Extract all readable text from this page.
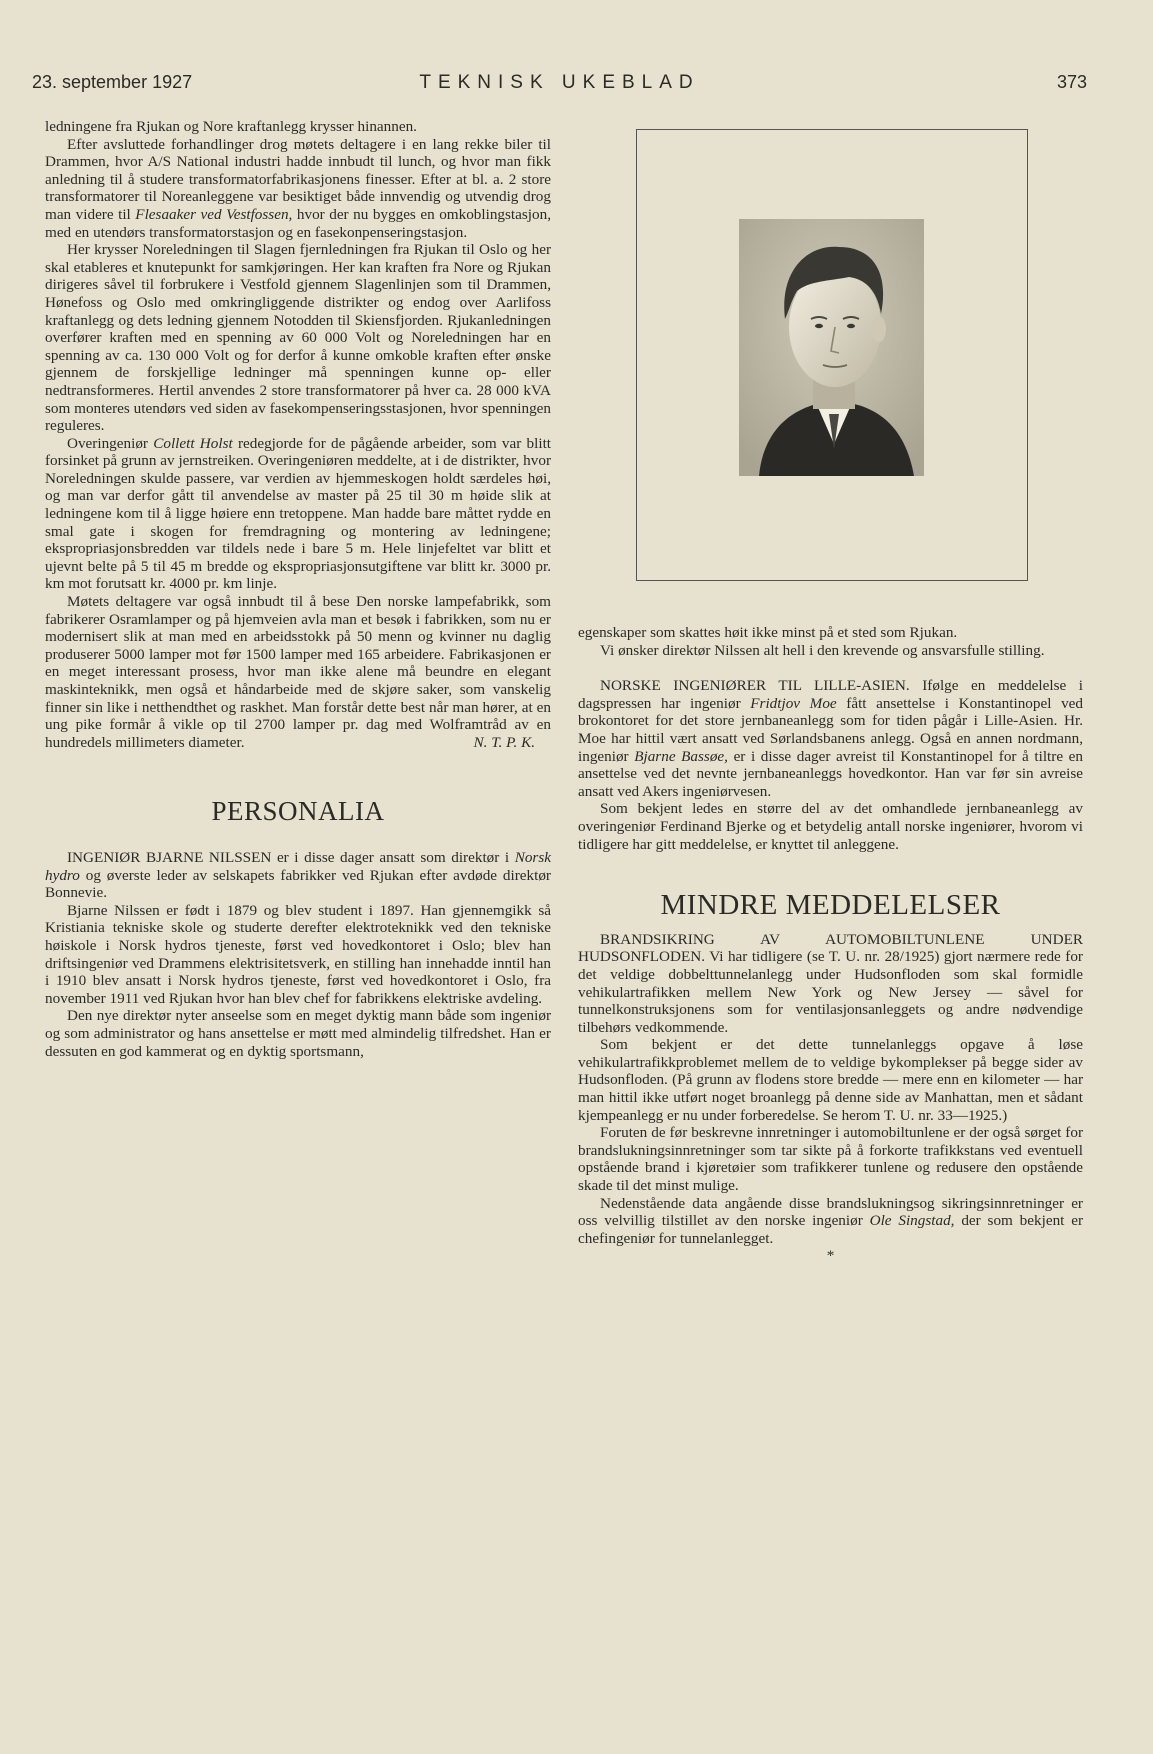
23. september 1927	TEKNISK UKEBLAD	373

ledningene fra Rjukan og Nore kraftanlegg krysser hinannen.

Efter avsluttede forhandlinger drog møtets deltagere i en lang rekke biler til Drammen, hvor A/S National industri hadde innbudt til lunch, og hvor man fikk anledning til å studere transformatorfabrikasjonens finesser. Efter at bl. a. 2 store transformatorer til Noreanleggene var besiktiget både innvendig og utvendig drog man videre til Flesaaker ved Vestfossen, hvor der nu bygges en omkoblingstasjon, med en utendørs transformatorstasjon og en fasekonpenseringstasjon.

Her krysser Noreledningen til Slagen fjernledningen fra Rjukan til Oslo og her skal etableres et knutepunkt for samkjøringen. Her kan kraften fra Nore og Rjukan dirigeres såvel til forbrukere i Vestfold gjennem Slagenlinjen som til Drammen, Hønefoss og Oslo med omkringliggende distrikter og endog over Aarlifoss kraftanlegg og dets ledning gjennem Notodden til Skiensfjorden. Rjukanledningen overfører kraften med en spenning av 60 000 Volt og Noreledningen har en spenning av ca. 130 000 Volt og for derfor å kunne omkoble kraften efter ønske gjennem de forskjellige ledninger må spenningen kunne op- eller nedtransformeres. Hertil anvendes 2 store transformatorer på hver ca. 28 000 kVA som monteres utendørs ved siden av fasekompenseringsstasjonen, hvor spenningen reguleres.

Overingeniør Collett Holst redegjorde for de pågående arbeider, som var blitt forsinket på grunn av jernstreiken. Overingeniøren meddelte, at i de distrikter, hvor Noreledningen skulde passere, var verdien av hjemmeskogen holdt særdeles høi, og man var derfor gått til anvendelse av master på 25 til 30 m høide slik at ledningene kom til å ligge høiere enn tretoppene. Man hadde bare måttet rydde en smal gate i skogen for fremdragning og montering av ledningene; ekspropriasjonsbredden var tildels nede i bare 5 m. Hele linjefeltet var blitt et ujevnt belte på 5 til 45 m bredde og ekspropriasjonsutgiftene var blitt kr. 3000 pr. km mot forutsatt kr. 4000 pr. km linje.

Møtets deltagere var også innbudt til å bese Den norske lampefabrikk, som fabrikerer Osramlamper og på hjemveien avla man et besøk i fabrikken, som nu er modernisert slik at man med en arbeidsstokk på 50 menn og kvinner nu daglig produserer 5000 lamper mot før 1500 lamper med 165 arbeidere. Fabrikasjonen er en meget interessant prosess, hvor man ikke alene må beundre en elegant maskinteknikk, men også et håndarbeide med de skjøre saker, som vanskelig finner sin like i netthendthet og raskhet. Man forstår dette best når man hører, at en ung pike formår å vikle op til 2700 lamper pr. dag med Wolframtråd av en hundredels millimeters diameter.	N. T. P. K.

PERSONALIA

INGENIØR BJARNE NILSSEN er i disse dager ansatt som direktør i Norsk hydro og øverste leder av selskapets fabrikker ved Rjukan efter avdøde direktør Bonnevie.

Bjarne Nilssen er født i 1879 og blev student i 1897. Han gjennemgikk så Kristiania tekniske skole og studerte derefter elektroteknikk ved den tekniske høiskole i Norsk hydros tjeneste, først ved hovedkontoret i Oslo; blev han driftsingeniør ved Drammens elektrisitetsverk, en stilling han innehadde inntil han i 1910 blev ansatt i Norsk hydros tjeneste, først ved hovedkontoret i Oslo, fra november 1911 ved Rjukan hvor han blev chef for fabrikkens elektriske avdeling.

Den nye direktør nyter anseelse som en meget dyktig mann både som ingeniør og som administrator og hans ansettelse er møtt med almindelig tilfredshet. Han er dessuten en god kammerat og en dyktig sportsmann,

egenskaper som skattes høit ikke minst på et sted som Rjukan.

Vi ønsker direktør Nilssen alt hell i den krevende og ansvarsfulle stilling.

NORSKE INGENIØRER TIL LILLE-ASIEN. Ifølge en meddelelse i dagspressen har ingeniør Fridtjov Moe fått ansettelse i Konstantinopel ved brokontoret for det store jernbaneanlegg som for tiden pågår i Lille-Asien. Hr. Moe har hittil vært ansatt ved Sørlandsbanens anlegg. Også en annen nordmann, ingeniør Bjarne Bassøe, er i disse dager avreist til Konstantinopel for å tiltre en ansettelse ved det nevnte jernbaneanleggs hovedkontor. Han var før sin avreise ansatt ved Akers ingeniørvesen.

Som bekjent ledes en større del av det omhandlede jernbaneanlegg av overingeniør Ferdinand Bjerke og et betydelig antall norske ingeniører, hvorom vi tidligere har gitt meddelelse, er knyttet til anleggene.

MINDRE MEDDELELSER

BRANDSIKRING AV AUTOMOBILTUNLENE UNDER HUDSONFLODEN. Vi har tidligere (se T. U. nr. 28/1925) gjort nærmere rede for det veldige dobbelttunnelanlegg under Hudsonfloden som skal formidle vehikulartrafikken mellem New York og New Jersey — såvel for tunnelkonstruksjonens som for ventilasjonsanleggets og andre nødvendige tilbehørs vedkommende.

Som bekjent er det dette tunnelanleggs opgave å løse vehikulartrafikkproblemet mellem de to veldige bykomplekser på begge sider av Hudsonfloden. (På grunn av flodens store bredde — mere enn en kilometer — har man hittil ikke utført noget broanlegg på denne side av Manhattan, men et sådant kjempeanlegg er nu under forberedelse. Se herom T. U. nr. 33—1925.)

Foruten de før beskrevne innretninger i automobiltunlene er der også sørget for brandslukningsinnretninger som tar sikte på å forkorte trafikkstans ved eventuell opstående brand i kjøretøier som trafikkerer tunlene og redusere den opstående skade til det minst mulige.

Nedenstående data angående disse brandslukningsog sikringsinnretninger er oss velvillig tilstillet av den norske ingeniør Ole Singstad, der som bekjent er chefingeniør for tunnelanlegget.

*
